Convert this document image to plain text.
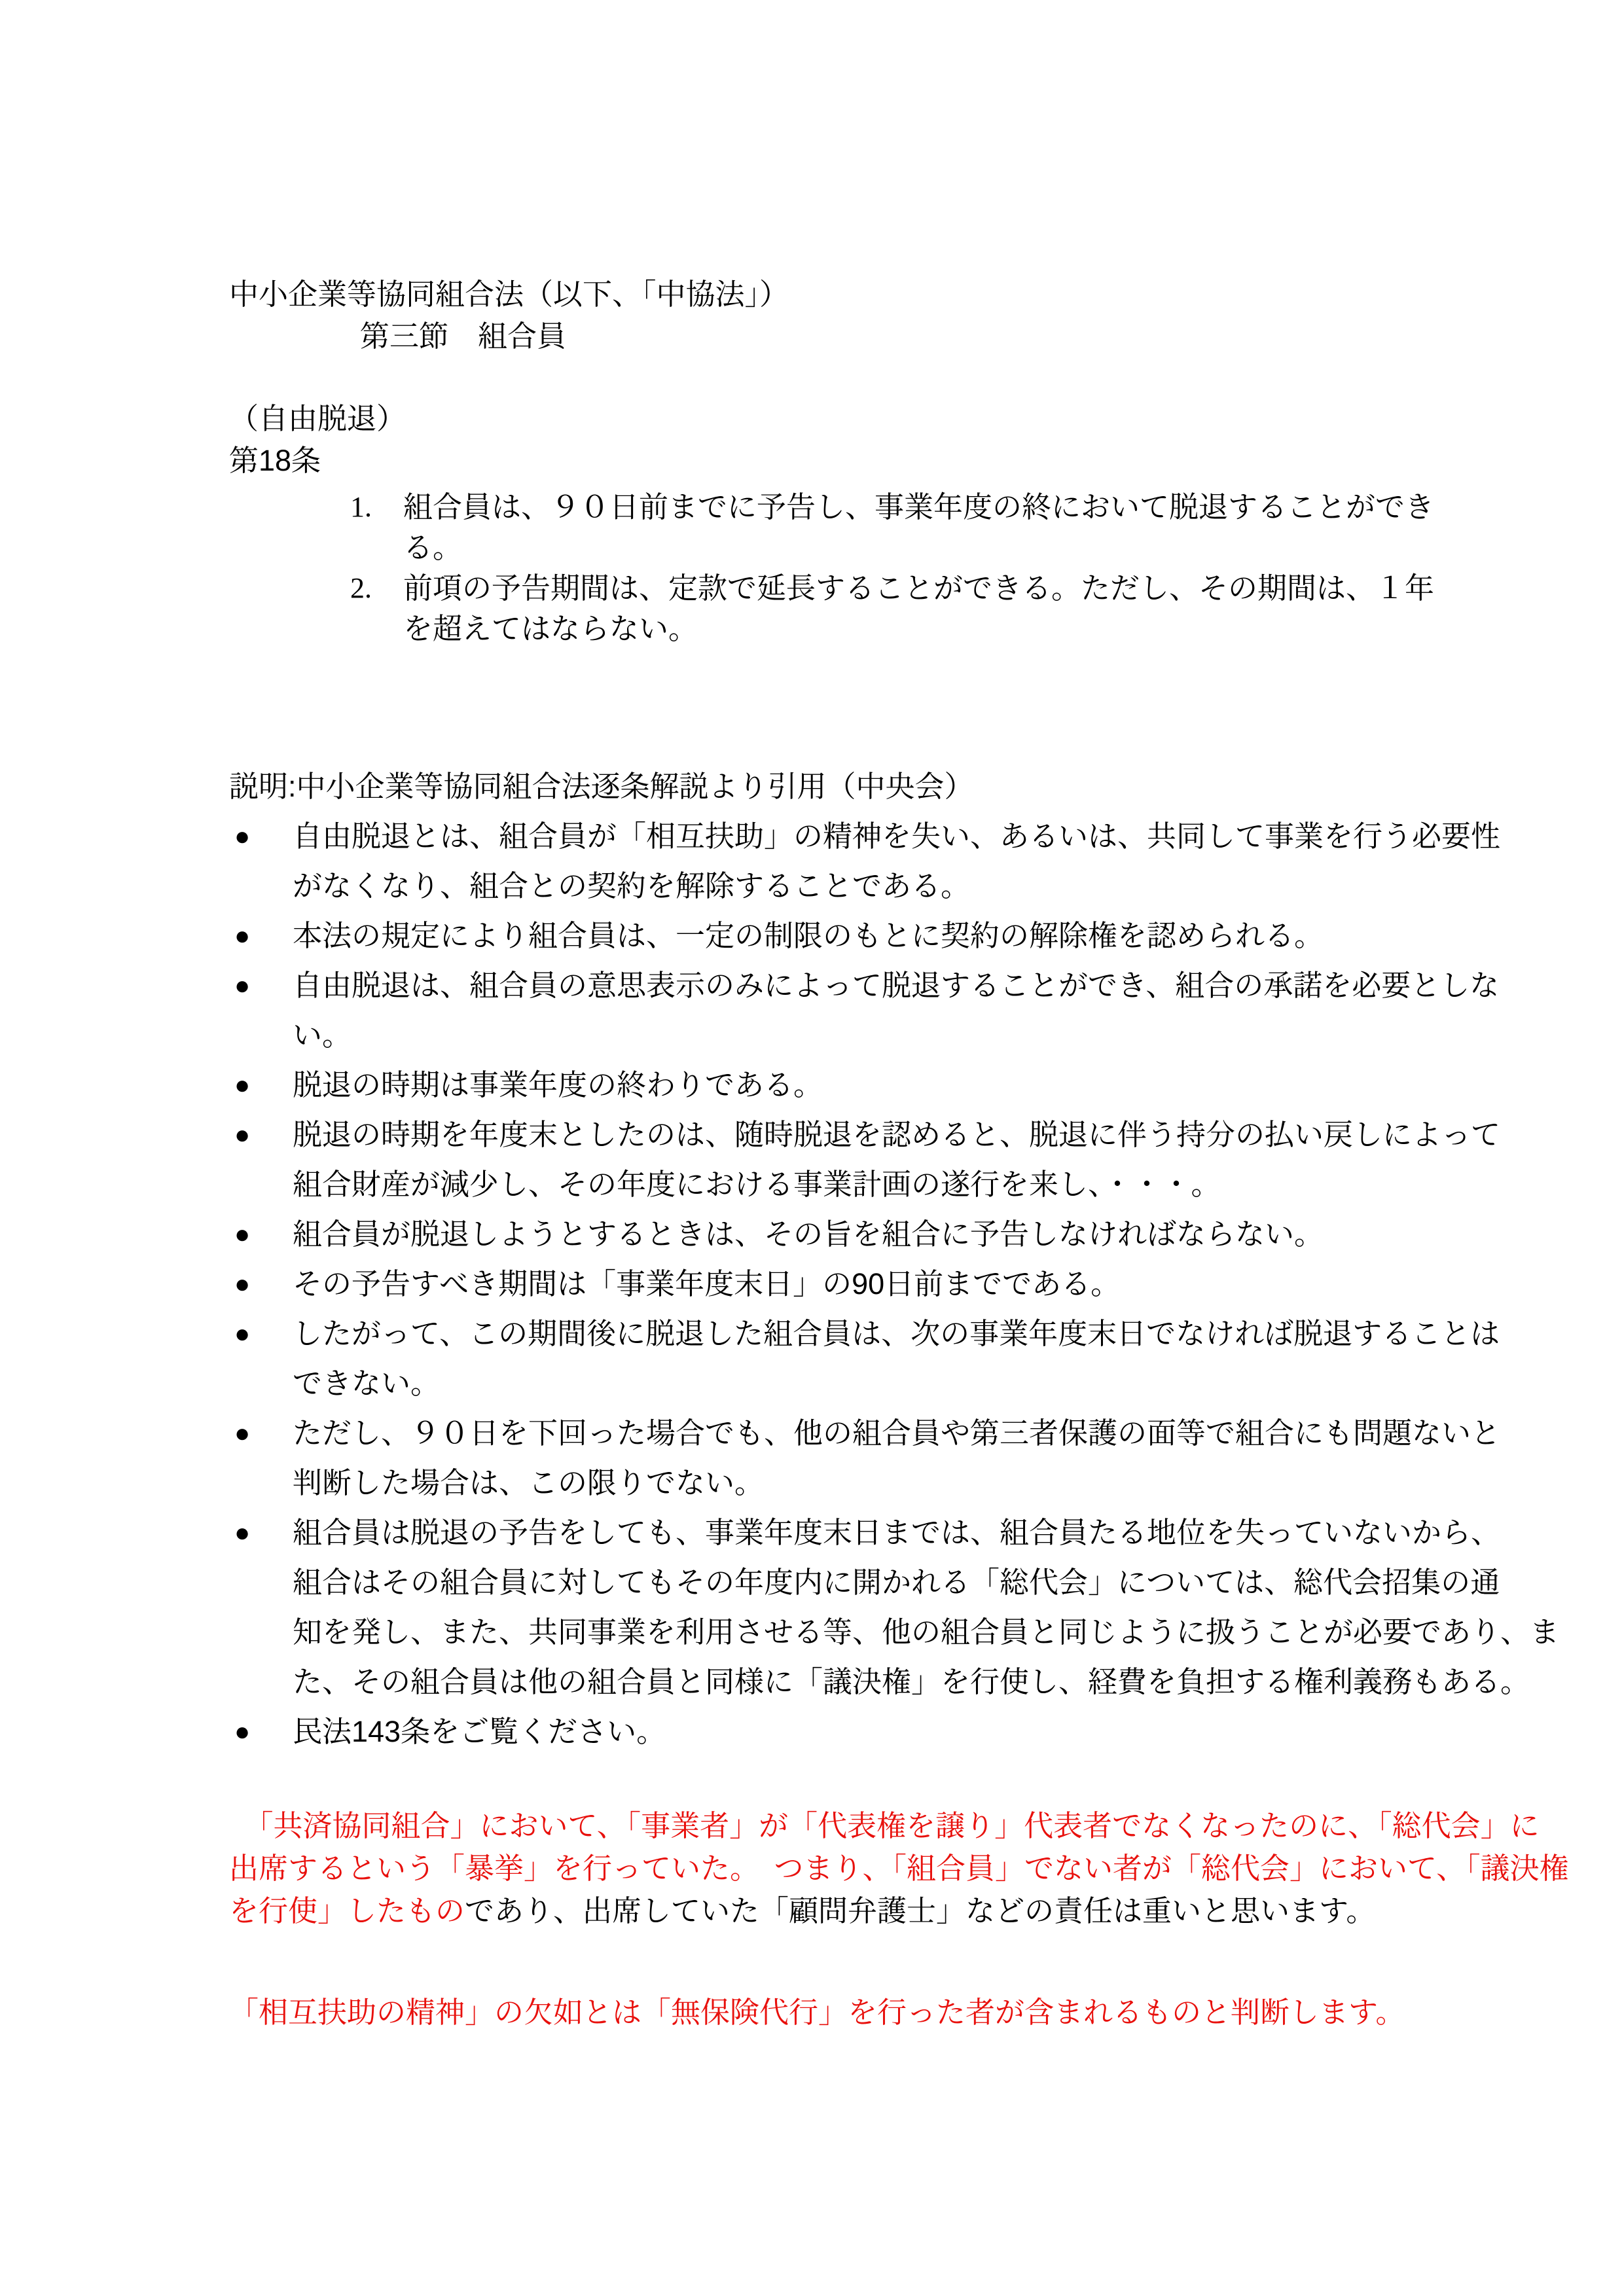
中小企業等協同組合法（以下、「中協法」）
第三節　組合員
（自由脱退）
第18条
1. 組合員は、９０日前までに予告し、事業年度の終において脱退することができ
る。
2. 前項の予告期間は、定款で延長することができる。ただし、その期間は、１年
を超えてはならない。
説明:中小企業等協同組合法逐条解説より引用（中央会）
● 自由脱退とは、組合員が「相互扶助」の精神を失い、あるいは、共同して事業を行う必要性
がなくなり、組合との契約を解除することである。
● 本法の規定により組合員は、一定の制限のもとに契約の解除権を認められる。
● 自由脱退は、組合員の意思表示のみによって脱退することができ、組合の承諾を必要としな
い。
● 脱退の時期は事業年度の終わりである。
● 脱退の時期を年度末としたのは、随時脱退を認めると、脱退に伴う持分の払い戻しによって
組合財産が減少し、その年度における事業計画の遂行を来し、・・・。
● 組合員が脱退しようとするときは、その旨を組合に予告しなければならない。
● その予告すべき期間は「事業年度末日」の90日前までである。
● したがって、この期間後に脱退した組合員は、次の事業年度末日でなければ脱退することは
できない。
● ただし、９０日を下回った場合でも、他の組合員や第三者保護の面等で組合にも問題ないと
判断した場合は、この限りでない。
● 組合員は脱退の予告をしても、事業年度末日までは、組合員たる地位を失っていないから、
組合はその組合員に対してもその年度内に開かれる「総代会」については、総代会招集の通
知を発し、また、共同事業を利用させる等、他の組合員と同じように扱うことが必要であり、ま
た、その組合員は他の組合員と同様に「議決権」を行使し、経費を負担する権利義務もある。
● 民法143条をご覧ください。
　「共済協同組合」において、「事業者」が「代表権を譲り」代表者でなくなったのに、「総代会」に
出席するという「暴挙」を行っていた。　つまり、「組合員」でない者が「総代会」において、「議決権
を行使」したものであり、出席していた「顧問弁護士」などの責任は重いと思います。
「相互扶助の精神」の欠如とは「無保険代行」を行った者が含まれるものと判断します。
